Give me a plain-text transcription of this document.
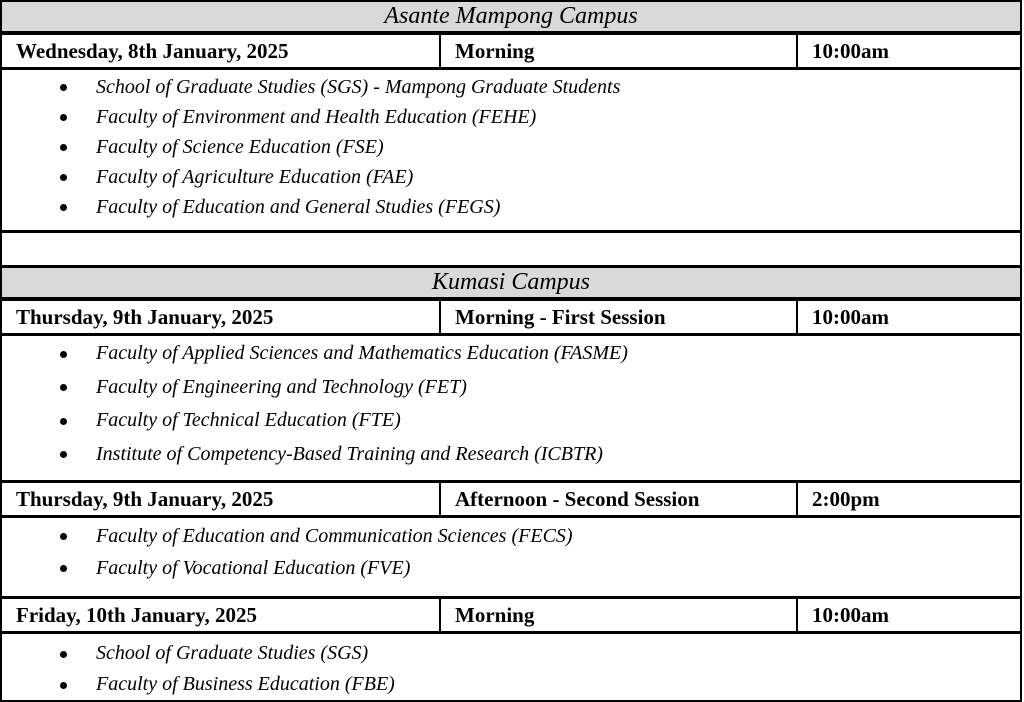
Asante Mampong Campus
Wednesday, 8th January, 2025	Morning	10:00am
School of Graduate Studies (SGS) - Mampong Graduate Students
Faculty of Environment and Health Education (FEHE)
Faculty of Science Education (FSE)
Faculty of Agriculture Education (FAE)
Faculty of Education and General Studies (FEGS)
Kumasi Campus
Thursday, 9th January, 2025	Morning - First Session	10:00am
Faculty of Applied Sciences and Mathematics Education (FASME)
Faculty of Engineering and Technology (FET)
Faculty of Technical Education (FTE)
Institute of Competency-Based Training and Research (ICBTR)
Thursday, 9th January, 2025	Afternoon - Second Session	2:00pm
Faculty of Education and Communication Sciences (FECS)
Faculty of Vocational Education (FVE)
Friday, 10th January, 2025	Morning	10:00am
School of Graduate Studies (SGS)
Faculty of Business Education (FBE)
